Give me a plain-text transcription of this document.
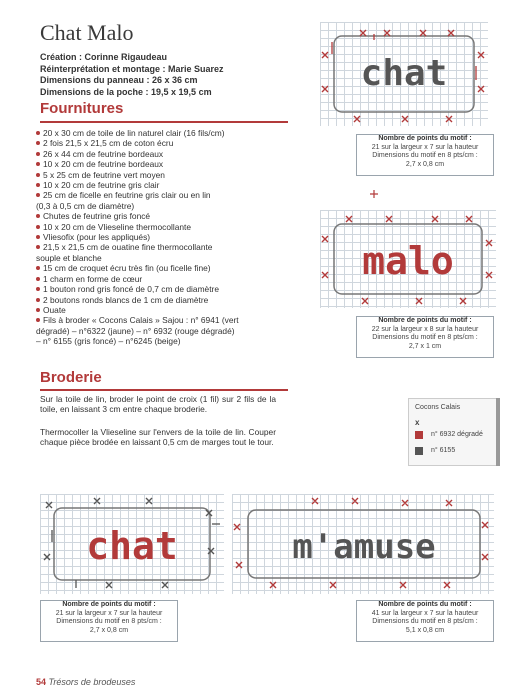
Chat Malo
Création : Corinne Rigaudeau
Réinterprétation et montage : Marie Suarez
Dimensions du panneau : 26 x 36 cm
Dimensions de la poche : 19,5 x 19,5 cm
Fournitures
20 x 30 cm de toile de lin naturel clair (16 fils/cm)
2 fois 21,5 x 21,5 cm de coton écru
26 x 44 cm de feutrine bordeaux
10 x 20 cm de feutrine bordeaux
5 x 25 cm de feutrine vert moyen
10 x 20 cm de feutrine gris clair
25 cm de ficelle en feutrine gris clair ou en lin
(0,3 à 0,5 cm de diamètre)
Chutes de feutrine gris foncé
10 x 20 cm de Vlieseline thermocollante
Vliesofix (pour les appliqués)
21,5 x 21,5 cm de ouatine fine thermocollante
souple et blanche
15 cm de croquet écru très fin (ou ficelle fine)
1 charm en forme de cœur
1 bouton rond gris foncé de 0,7 cm de diamètre
2 boutons ronds blancs de 1 cm de diamètre
Ouate
Fils à broder « Cocons Calais » Sajou : n° 6941 (vert
dégradé) – n°6322 (jaune) – n° 6932 (rouge dégradé)
– n° 6155 (gris foncé) – n°6245 (beige)
Broderie
Sur la toile de lin, broder le point de croix (1 fil) sur 2 fils de la toile, en laissant 3 cm entre chaque broderie.
Thermocoller la Vlieseline sur l'envers de la toile de lin. Couper chaque pièce brodée en laissant 0,5 cm de marges tout le tour.
chat
Nombre de points du motif :
21 sur la largeur x 7 sur la hauteur
Dimensions du motif en 8 pts/cm :
2,7 x 0,8 cm
malo
Nombre de points du motif :
22 sur la largeur x 8 sur la hauteur
Dimensions du motif en 8 pts/cm :
2,7 x 1 cm
Cocons Calais
x
n° 6932 dégradé
n° 6155
chat
Nombre de points du motif :
21 sur la largeur x 7 sur la hauteur
Dimensions du motif en 8 pts/cm :
2,7 x 0,8 cm
m'amuse
Nombre de points du motif :
41 sur la largeur x 7 sur la hauteur
Dimensions du motif en 8 pts/cm :
5,1 x 0,8 cm
54 Trésors de brodeuses
